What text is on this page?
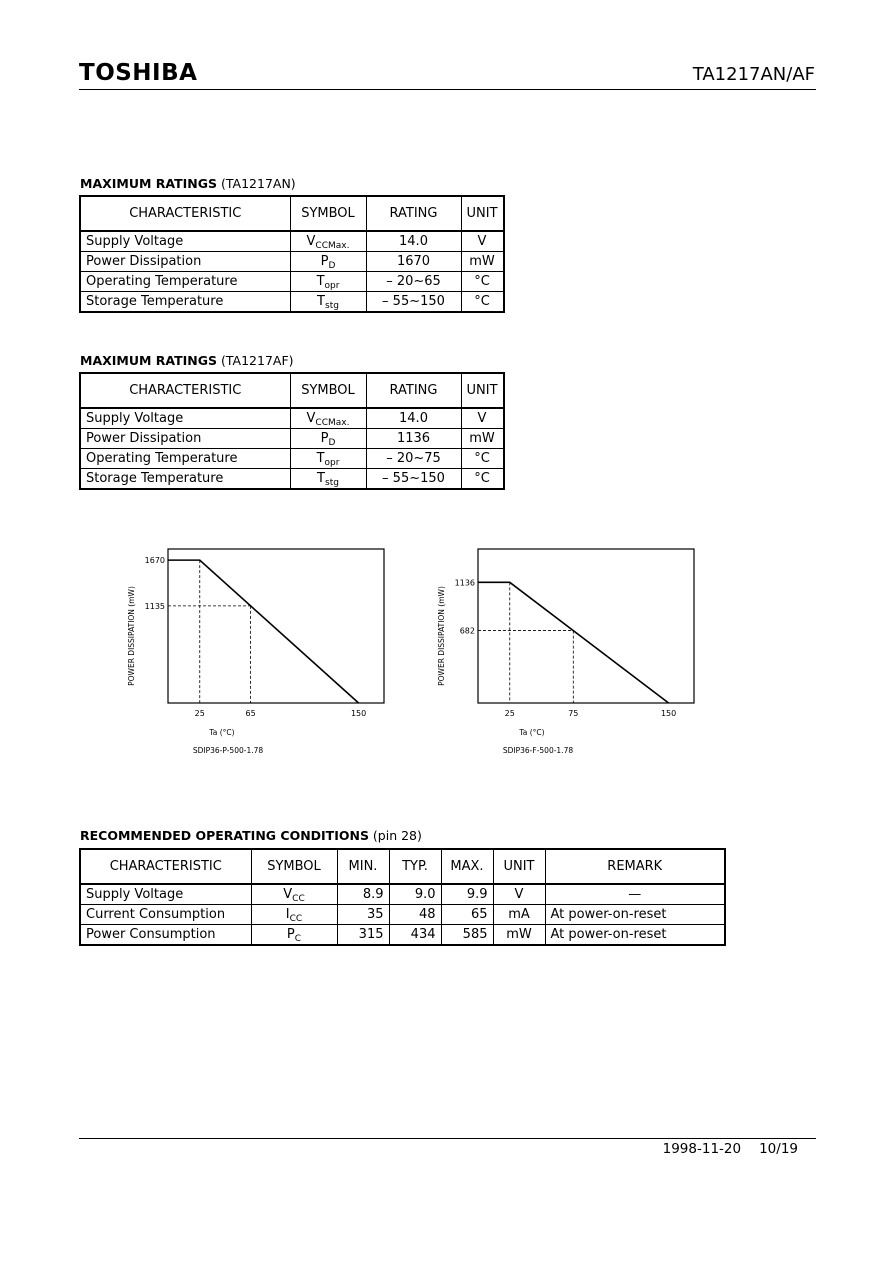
TOSHIBA	TA1217AN/AF
MAXIMUM RATINGS (TA1217AN)
CHARACTERISTIC	SYMBOL	RATING	UNIT
Supply Voltage	$V_{CCMax.}$	14.0	V
Power Dissipation	$P_D$	1670	mW
Operating Temperature	$T_{opr}$	– 20~65	°C
Storage Temperature	$T_{stg}$	– 55~150	°C
MAXIMUM RATINGS (TA1217AF)
CHARACTERISTIC	SYMBOL	RATING	UNIT
Supply Voltage	$V_{CCMax.}$	14.0	V
Power Dissipation	$P_D$	1136	mW
Operating Temperature	$T_{opr}$	– 20~75	°C
Storage Temperature	$T_{stg}$	– 55~150	°C
25	65	150
1670
1135
Ta (°C)
POWER DISSIPATION (mW)
SDIP36-P-500-1.78
25	75	150
1136
682
Ta (°C)
POWER DISSIPATION (mW)
SDIP36-F-500-1.78
RECOMMENDED OPERATING CONDITIONS (pin 28)
CHARACTERISTIC	SYMBOL	MIN.	TYP.	MAX.	UNIT	REMARK
Supply Voltage	$V_{CC}$	8.9	9.0	9.9	V	—
Current Consumption	$I_{CC}$	35	48	65	mA	At power-on-reset
Power Consumption	$P_C$	315	434	585	mW	At power-on-reset
1998-11-20 10/19
